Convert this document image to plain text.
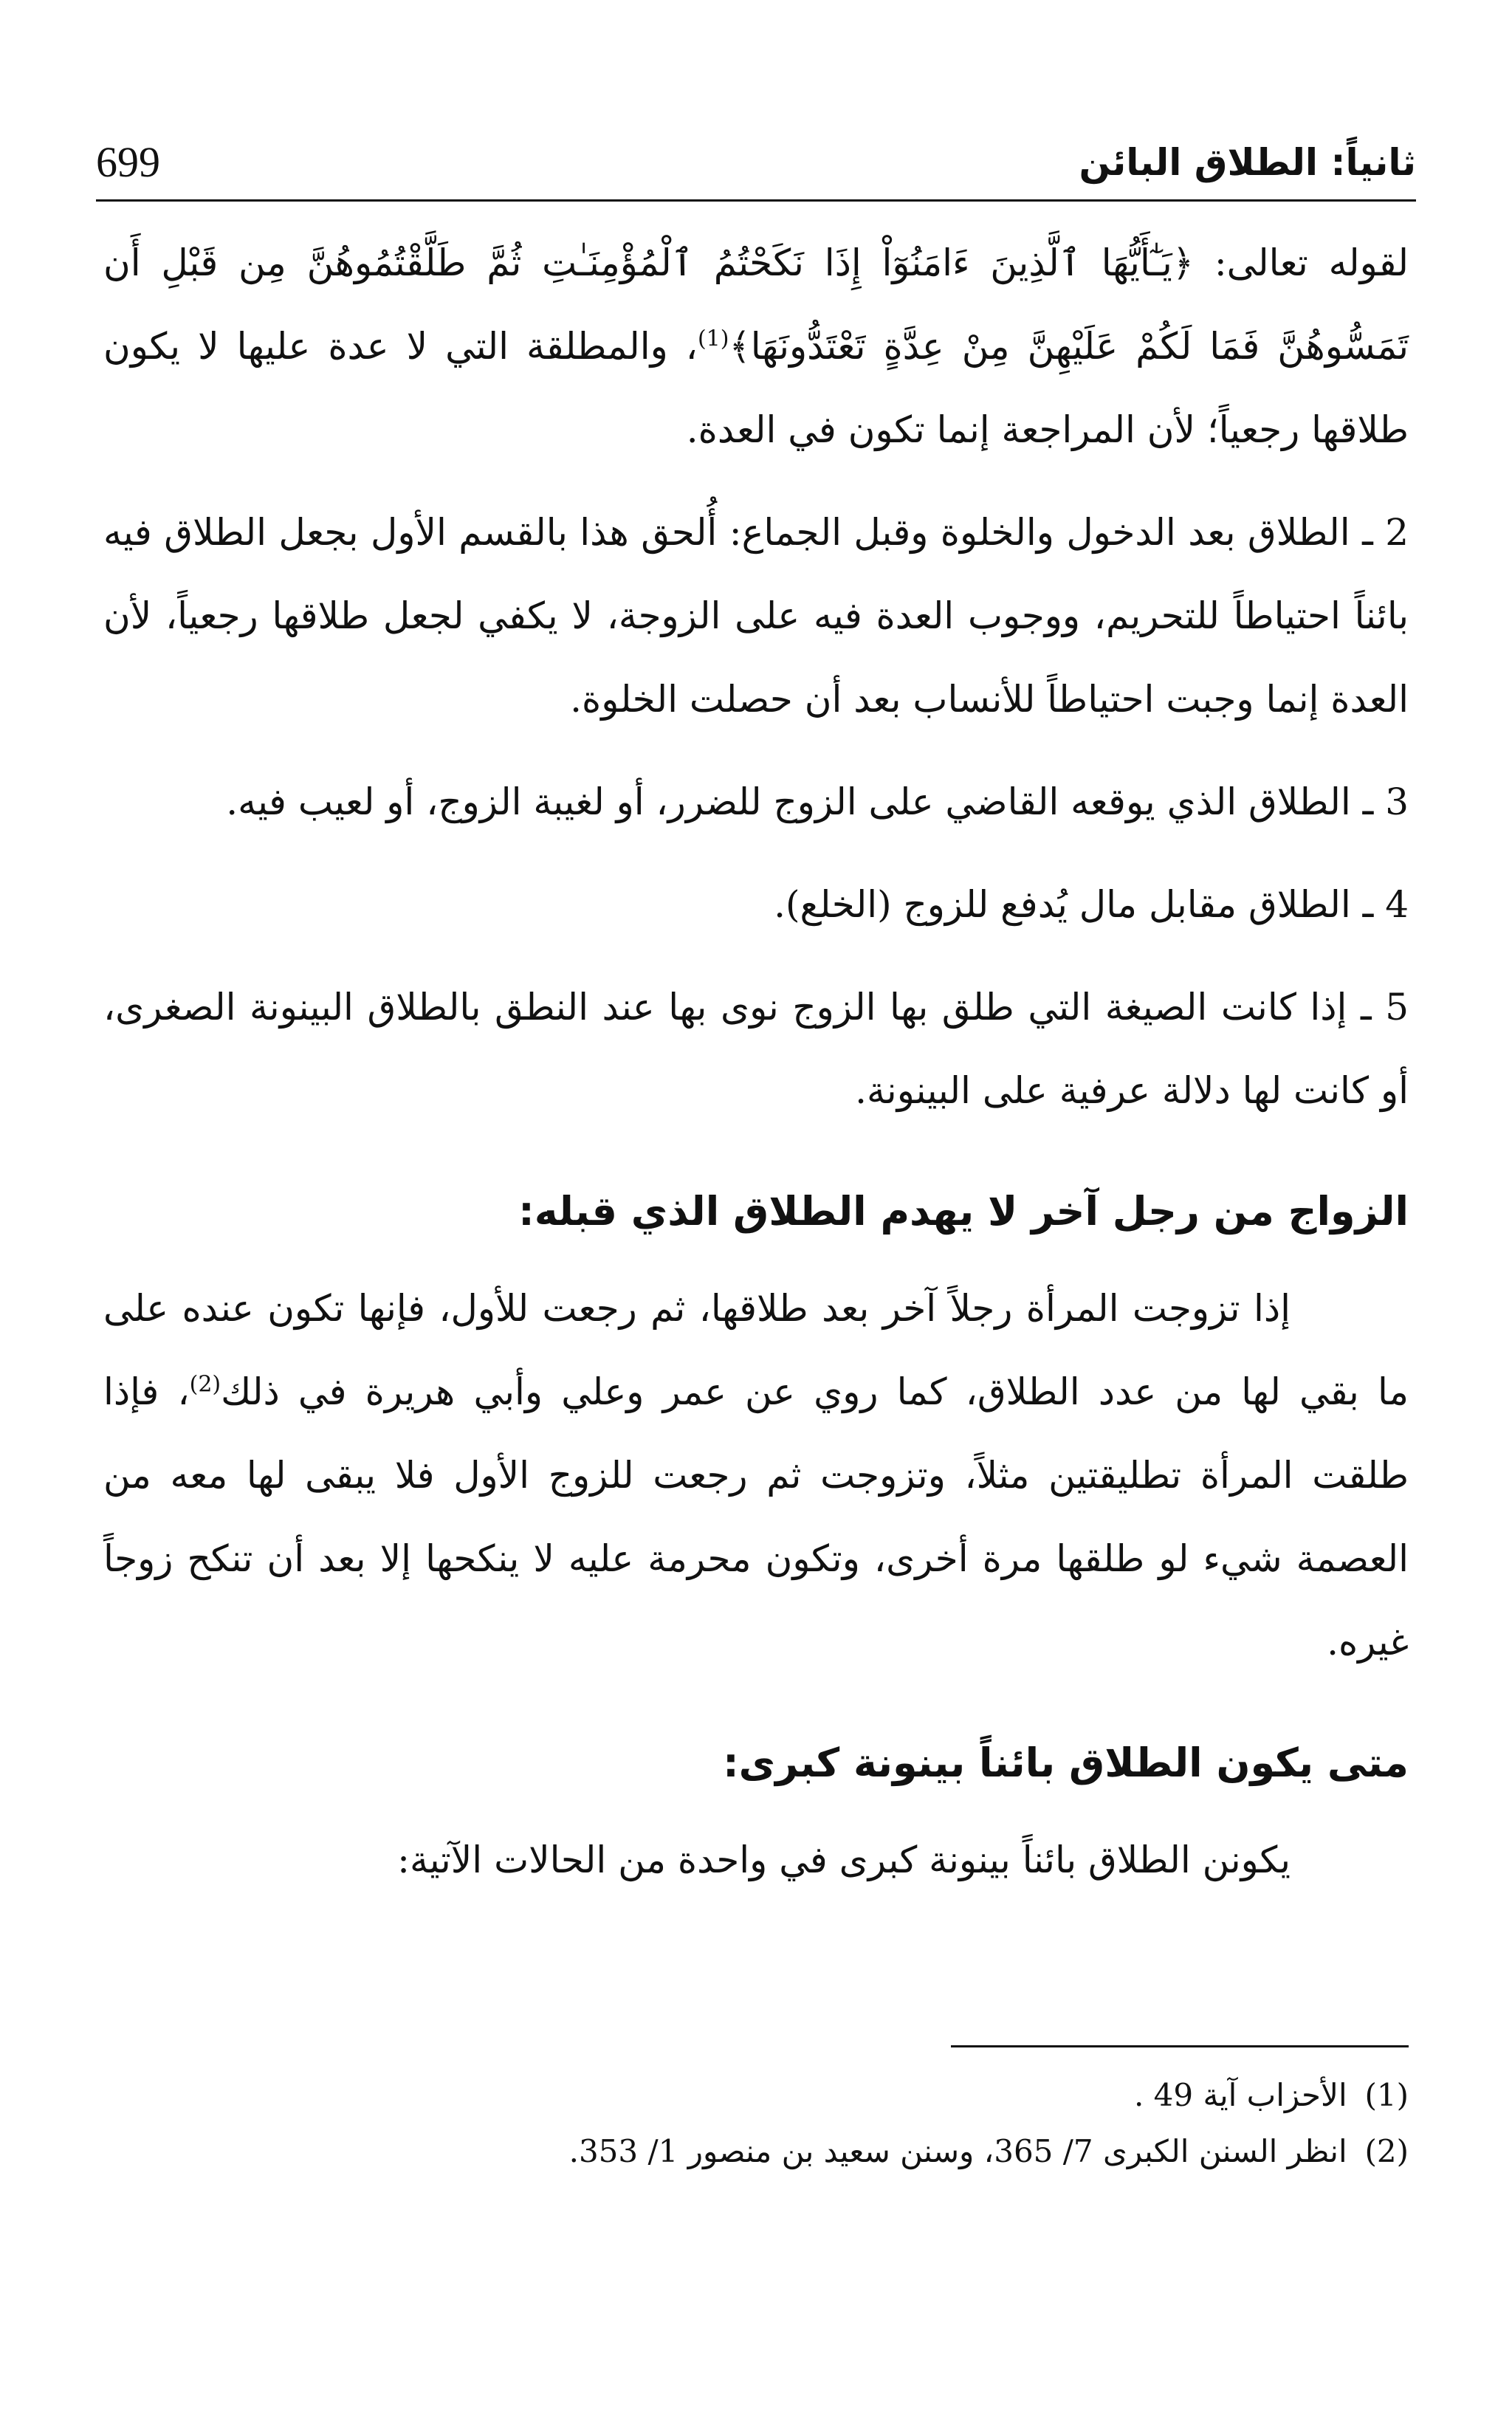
699	ثانياً: الطلاق البائن

لقوله تعالى: ﴿يَـٰٓأَيُّهَا ٱلَّذِينَ ءَامَنُوٓاْ إِذَا نَكَحْتُمُ ٱلْمُؤْمِنَـٰتِ ثُمَّ طَلَّقْتُمُوهُنَّ مِن قَبْلِ أَن تَمَسُّوهُنَّ فَمَا لَكُمْ عَلَيْهِنَّ مِنْ عِدَّةٍ تَعْتَدُّونَهَا﴾$^{(1)}$، والمطلقة التي لا عدة عليها لا يكون طلاقها رجعياً؛ لأن المراجعة إنما تكون في العدة.

2 ـ الطلاق بعد الدخول والخلوة وقبل الجماع: أُلحق هذا بالقسم الأول بجعل الطلاق فيه بائناً احتياطاً للتحريم، ووجوب العدة فيه على الزوجة، لا يكفي لجعل طلاقها رجعياً، لأن العدة إنما وجبت احتياطاً للأنساب بعد أن حصلت الخلوة.

3 ـ الطلاق الذي يوقعه القاضي على الزوج للضرر، أو لغيبة الزوج، أو لعيب فيه.

4 ـ الطلاق مقابل مال يُدفع للزوج (الخلع).

5 ـ إذا كانت الصيغة التي طلق بها الزوج نوى بها عند النطق بالطلاق البينونة الصغرى، أو كانت لها دلالة عرفية على البينونة.

الزواج من رجل آخر لا يهدم الطلاق الذي قبله:

إذا تزوجت المرأة رجلاً آخر بعد طلاقها، ثم رجعت للأول، فإنها تكون عنده على ما بقي لها من عدد الطلاق، كما روي عن عمر وعلي وأبي هريرة في ذلك$^{(2)}$، فإذا طلقت المرأة تطليقتين مثلاً، وتزوجت ثم رجعت للزوج الأول فلا يبقى لها معه من العصمة شيء لو طلقها مرة أخرى، وتكون محرمة عليه لا ينكحها إلا بعد أن تنكح زوجاً غيره.

متى يكون الطلاق بائناً بينونة كبرى:

يكونن الطلاق بائناً بينونة كبرى في واحدة من الحالات الآتية:

(1) الأحزاب آية 49 .

(2) انظر السنن الكبرى 7/ 365، وسنن سعيد بن منصور 1/ 353.
